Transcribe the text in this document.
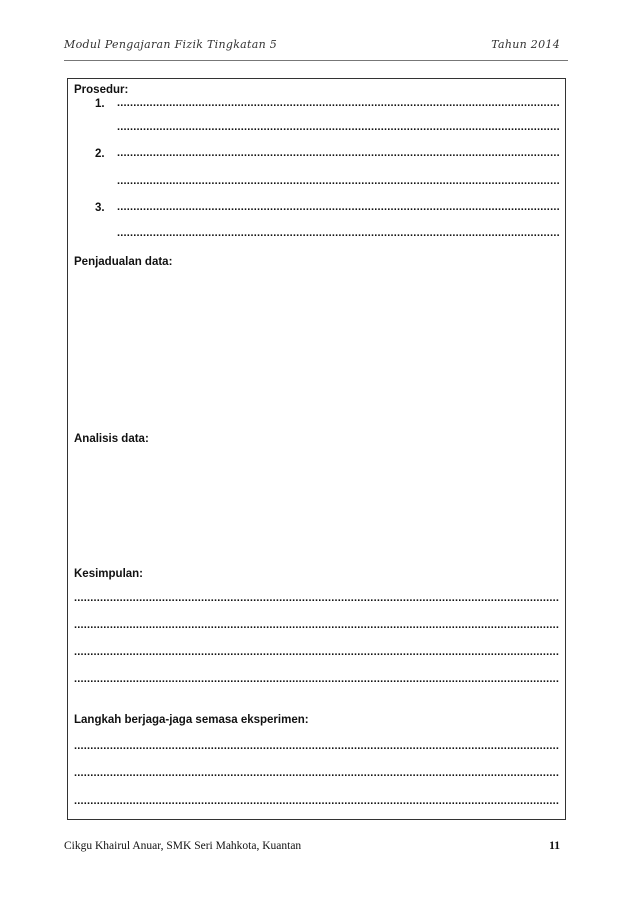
Modul Pengajaran Fizik Tingkatan 5	Tahun 2014
Prosedur:
1.
.....
.....
2.
.....
.....
3.
.....
.....
Penjadualan data:
Analisis data:
Kesimpulan:
.....
.....
.....
.....
Langkah berjaga-jaga semasa eksperimen:
.....
.....
.....
Cikgu Khairul Anuar, SMK Seri Mahkota, Kuantan	11
